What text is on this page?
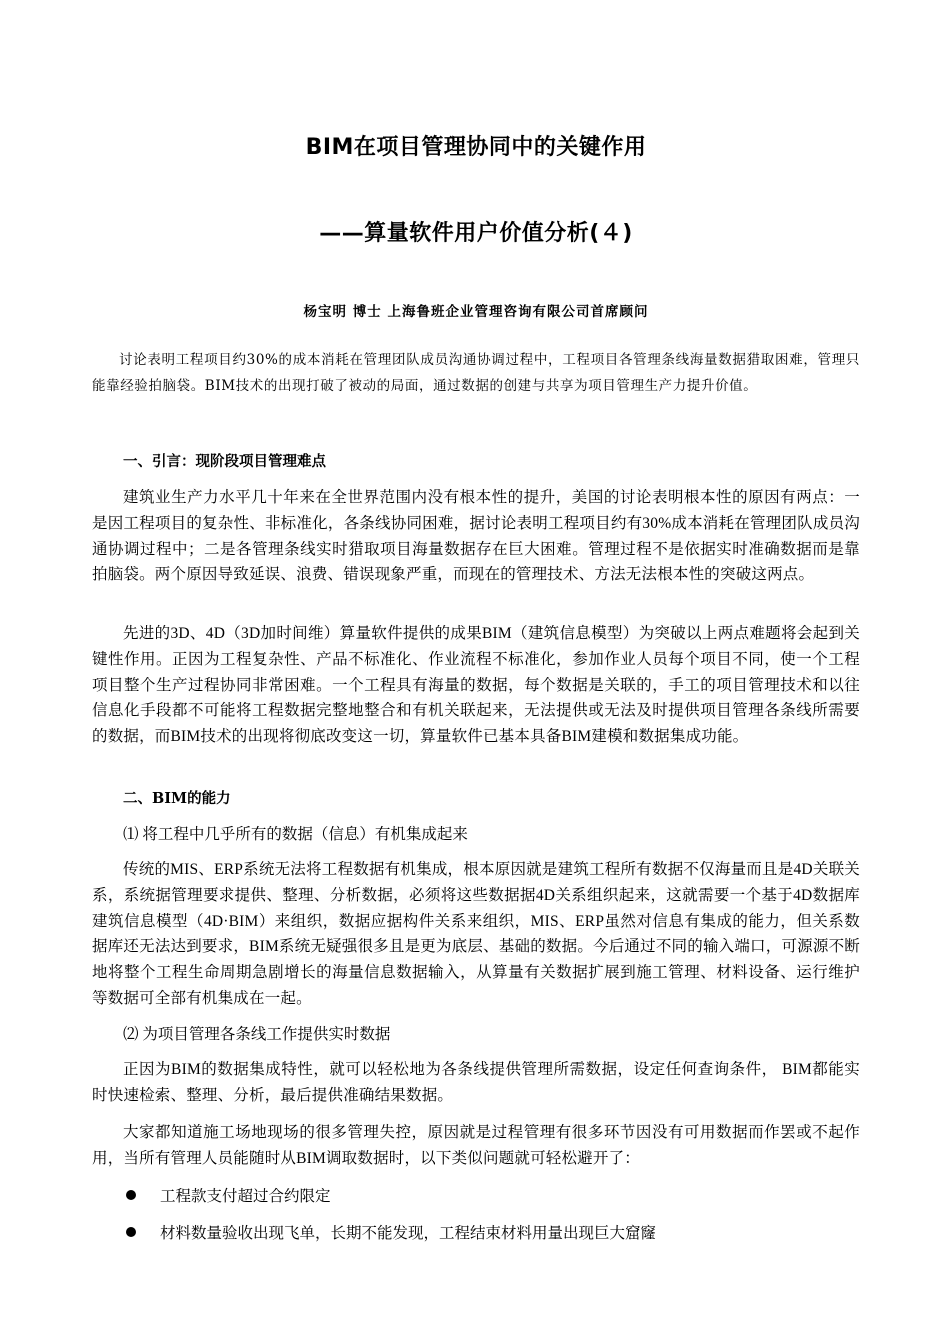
BIM在项目管理协同中的关键作用
——算量软件用户价值分析(４)
杨宝明 博士 上海鲁班企业管理咨询有限公司首席顾问

讨论表明工程项目约30%的成本消耗在管理团队成员沟通协调过程中，工程项目各管理条线海量数据猎取困难，管理只能靠经验拍脑袋。BIM技术的出现打破了被动的局面，通过数据的创建与共享为项目管理生产力提升价值。

一、引言：现阶段项目管理难点

建筑业生产力水平几十年来在全世界范围内没有根本性的提升，美国的讨论表明根本性的原因有两点：一是因工程项目的复杂性、非标准化，各条线协同困难，据讨论表明工程项目约有30%成本消耗在管理团队成员沟通协调过程中；二是各管理条线实时猎取项目海量数据存在巨大困难。管理过程不是依据实时准确数据而是靠拍脑袋。两个原因导致延误、浪费、错误现象严重，而现在的管理技术、方法无法根本性的突破这两点。

先进的3D、4D（3D加时间维）算量软件提供的成果BIM（建筑信息模型）为突破以上两点难题将会起到关键性作用。正因为工程复杂性、产品不标准化、作业流程不标准化，参加作业人员每个项目不同，使一个工程项目整个生产过程协同非常困难。一个工程具有海量的数据，每个数据是关联的，手工的项目管理技术和以往信息化手段都不可能将工程数据完整地整合和有机关联起来，无法提供或无法及时提供项目管理各条线所需要的数据，而BIM技术的出现将彻底改变这一切，算量软件已基本具备BIM建模和数据集成功能。

二、BIM的能力

⑴ 将工程中几乎所有的数据（信息）有机集成起来

传统的MIS、ERP系统无法将工程数据有机集成，根本原因就是建筑工程所有数据不仅海量而且是4D关联关系，系统据管理要求提供、整理、分析数据，必须将这些数据据4D关系组织起来，这就需要一个基于4D数据库建筑信息模型（4D·BIM）来组织，数据应据构件关系来组织，MIS、ERP虽然对信息有集成的能力，但关系数据库还无法达到要求，BIM系统无疑强很多且是更为底层、基础的数据。今后通过不同的输入端口，可源源不断地将整个工程生命周期急剧增长的海量信息数据输入，从算量有关数据扩展到施工管理、材料设备、运行维护等数据可全部有机集成在一起。

⑵ 为项目管理各条线工作提供实时数据

正因为BIM的数据集成特性，就可以轻松地为各条线提供管理所需数据，设定任何查询条件， BIM都能实时快速检索、整理、分析，最后提供准确结果数据。

大家都知道施工场地现场的很多管理失控，原因就是过程管理有很多环节因没有可用数据而作罢或不起作用，当所有管理人员能随时从BIM调取数据时，以下类似问题就可轻松避开了：

工程款支付超过合约限定
材料数量验收出现飞单，长期不能发现，工程结束材料用量出现巨大窟窿
